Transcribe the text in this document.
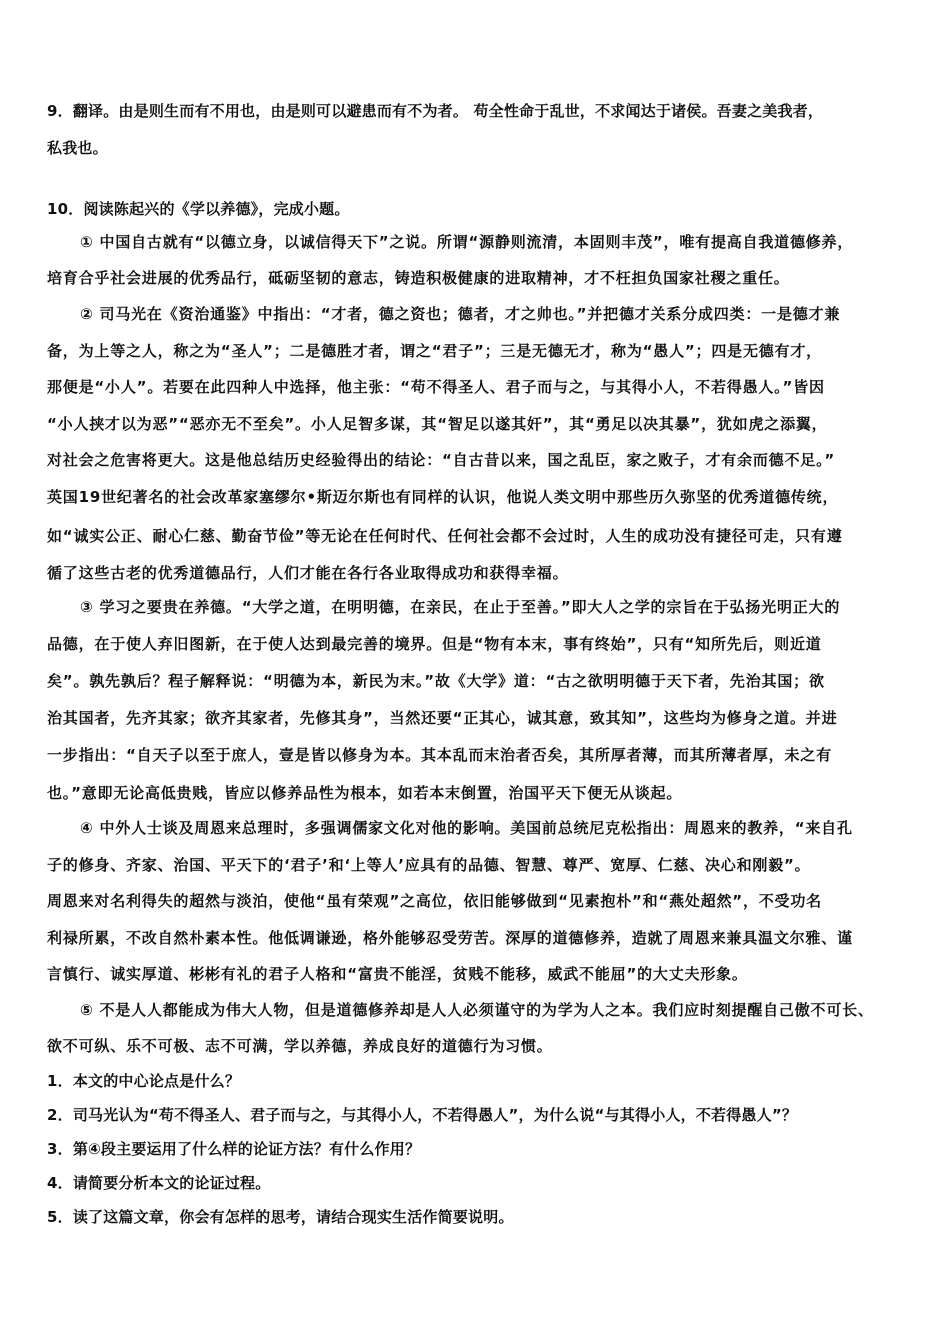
9．翻译。由是则生而有不用也，由是则可以避患而有不为者。 苟全性命于乱世，不求闻达于诸侯。吾妻之美我者，
私我也。
10．阅读陈起兴的《学以养德》，完成小题。
① 中国自古就有“以德立身，以诚信得天下”之说。所谓“源静则流清，本固则丰茂”，唯有提高自我道德修养，
培育合乎社会进展的优秀品行，砥砺坚韧的意志，铸造积极健康的进取精神，才不枉担负国家社稷之重任。
② 司马光在《资治通鉴》中指出：“才者，德之资也；德者，才之帅也。”并把德才关系分成四类：一是德才兼
备，为上等之人，称之为“圣人”；二是德胜才者，谓之“君子”；三是无德无才，称为“愚人”；四是无德有才，
那便是“小人”。若要在此四种人中选择，他主张：“苟不得圣人、君子而与之，与其得小人，不若得愚人。”皆因
“小人挟才以为恶”“恶亦无不至矣”。小人足智多谋，其“智足以遂其奸”，其“勇足以决其暴”，犹如虎之添翼，
对社会之危害将更大。这是他总结历史经验得出的结论：“自古昔以来，国之乱臣，家之败子，才有余而德不足。”
英国19世纪著名的社会改革家塞缪尔•斯迈尔斯也有同样的认识，他说人类文明中那些历久弥坚的优秀道德传统，
如“诚实公正、耐心仁慈、勤奋节俭”等无论在任何时代、任何社会都不会过时，人生的成功没有捷径可走，只有遵
循了这些古老的优秀道德品行，人们才能在各行各业取得成功和获得幸福。
③ 学习之要贵在养德。“大学之道，在明明德，在亲民，在止于至善。”即大人之学的宗旨在于弘扬光明正大的
品德，在于使人弃旧图新，在于使人达到最完善的境界。但是“物有本末，事有终始”，只有“知所先后，则近道
矣”。孰先孰后？程子解释说：“明德为本，新民为末。”故《大学》道：“古之欲明明德于天下者，先治其国；欲
治其国者，先齐其家；欲齐其家者，先修其身”，当然还要“正其心，诚其意，致其知”，这些均为修身之道。并进
一步指出：“自天子以至于庶人，壹是皆以修身为本。其本乱而末治者否矣，其所厚者薄，而其所薄者厚，未之有
也。”意即无论高低贵贱，皆应以修养品性为根本，如若本末倒置，治国平天下便无从谈起。
④ 中外人士谈及周恩来总理时，多强调儒家文化对他的影响。美国前总统尼克松指出：周恩来的教养，“来自孔
子的修身、齐家、治国、平天下的‘君子’和‘上等人’应具有的品德、智慧、尊严、宽厚、仁慈、决心和刚毅”。
周恩来对名利得失的超然与淡泊，使他“虽有荣观”之高位，依旧能够做到“见素抱朴”和“燕处超然”，不受功名
利禄所累，不改自然朴素本性。他低调谦逊，格外能够忍受劳苦。深厚的道德修养，造就了周恩来兼具温文尔雅、谨
言慎行、诚实厚道、彬彬有礼的君子人格和“富贵不能淫，贫贱不能移，威武不能屈”的大丈夫形象。
⑤ 不是人人都能成为伟大人物，但是道德修养却是人人必须谨守的为学为人之本。我们应时刻提醒自己傲不可长、
欲不可纵、乐不可极、志不可满，学以养德，养成良好的道德行为习惯。
1．本文的中心论点是什么？
2．司马光认为“苟不得圣人、君子而与之，与其得小人，不若得愚人”，为什么说“与其得小人，不若得愚人”？
3．第④段主要运用了什么样的论证方法？有什么作用？
4．请简要分析本文的论证过程。
5．读了这篇文章，你会有怎样的思考，请结合现实生活作简要说明。
